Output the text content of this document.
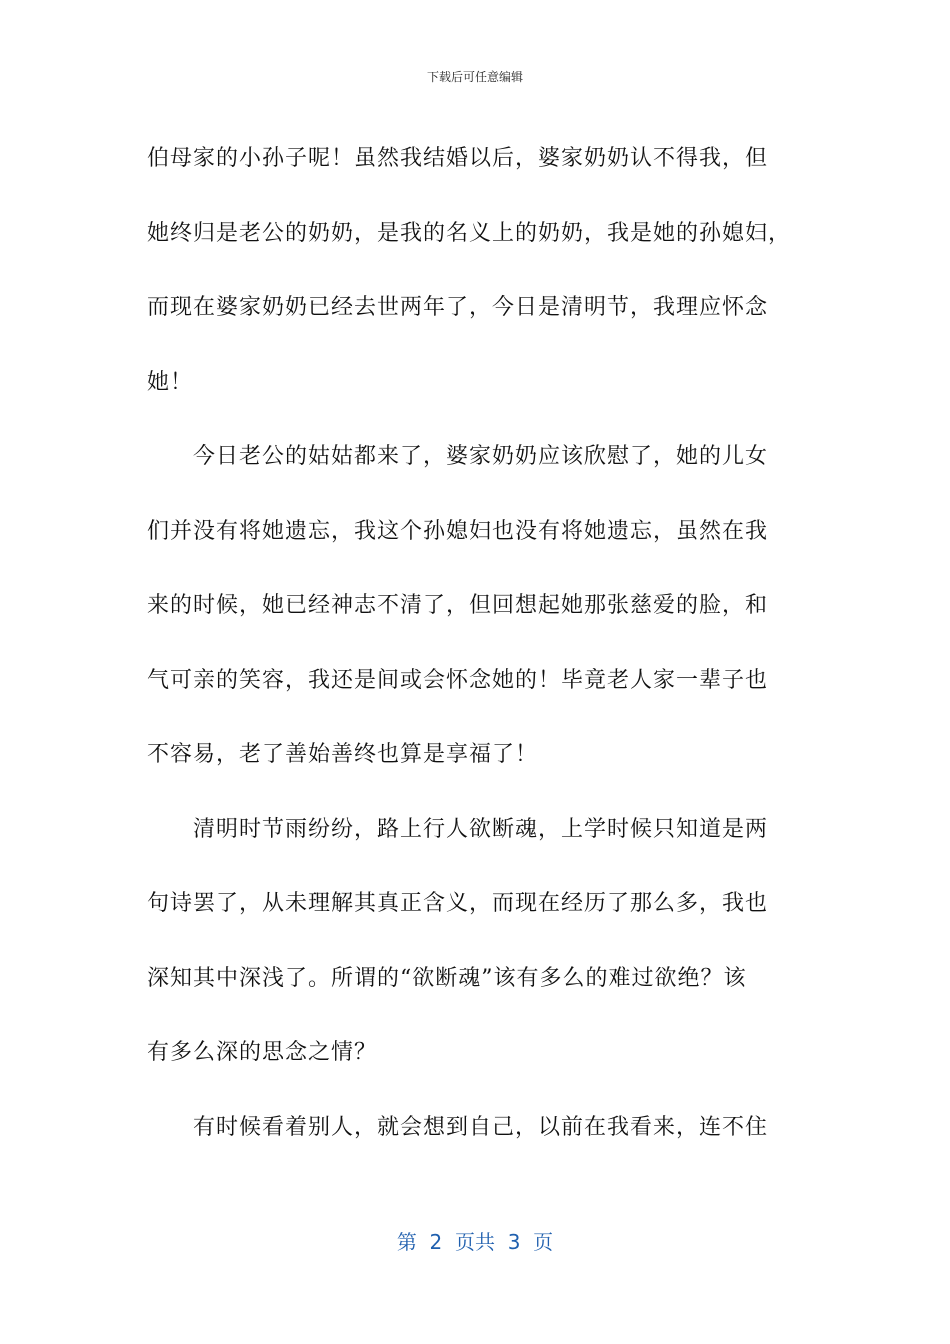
下载后可任意编辑

伯母家的小孙子呢！虽然我结婚以后，婆家奶奶认不得我，但
她终归是老公的奶奶，是我的名义上的奶奶，我是她的孙媳妇，
而现在婆家奶奶已经去世两年了，今日是清明节，我理应怀念
她！

今日老公的姑姑都来了，婆家奶奶应该欣慰了，她的儿女
们并没有将她遗忘，我这个孙媳妇也没有将她遗忘，虽然在我
来的时候，她已经神志不清了，但回想起她那张慈爱的脸，和
气可亲的笑容，我还是间或会怀念她的！毕竟老人家一辈子也
不容易，老了善始善终也算是享福了！

清明时节雨纷纷，路上行人欲断魂，上学时候只知道是两
句诗罢了，从未理解其真正含义，而现在经历了那么多，我也
深知其中深浅了。所谓的“欲断魂”该有多么的难过欲绝？该
有多么深的思念之情？

有时候看着别人，就会想到自己，以前在我看来，连不住

第  2  页共  3  页
